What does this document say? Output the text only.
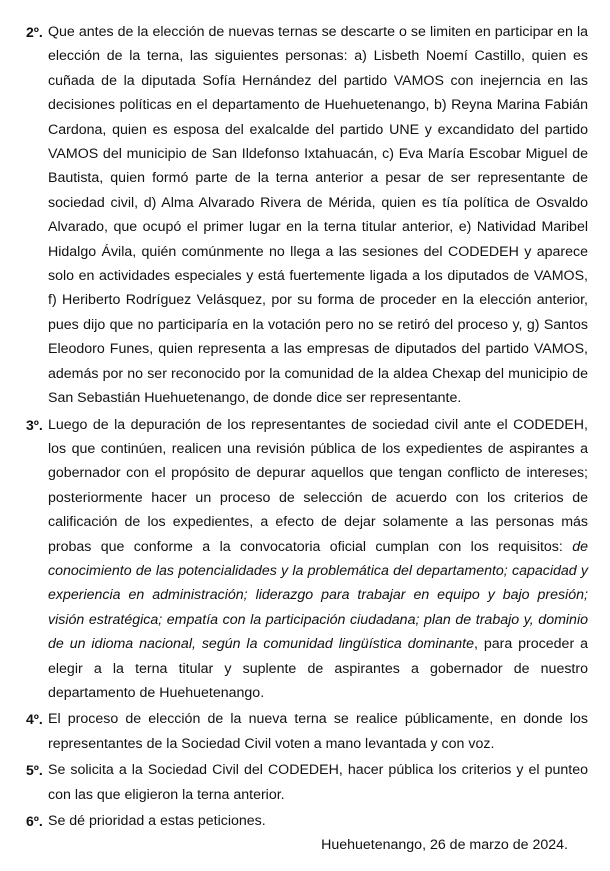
2º. Que antes de la elección de nuevas ternas se descarte o se limiten en participar en la elección de la terna, las siguientes personas: a) Lisbeth Noemí Castillo, quien es cuñada de la diputada Sofía Hernández del partido VAMOS con inejerncia en las decisiones políticas en el departamento de Huehuetenango, b) Reyna Marina Fabián Cardona, quien es esposa del exalcalde del partido UNE y excandidato del partido VAMOS del municipio de San Ildefonso Ixtahuacán, c) Eva María Escobar Miguel de Bautista, quien formó parte de la terna anterior a pesar de ser representante de sociedad civil, d) Alma Alvarado Rivera de Mérida, quien es tía política de Osvaldo Alvarado, que ocupó el primer lugar en la terna titular anterior, e) Natividad Maribel Hidalgo Ávila, quién comúnmente no llega a las sesiones del CODEDEH y aparece solo en actividades especiales y está fuertemente ligada a los diputados de VAMOS, f) Heriberto Rodríguez Velásquez, por su forma de proceder en la elección anterior, pues dijo que no participaría en la votación pero no se retiró del proceso y, g) Santos Eleodoro Funes, quien representa a las empresas de diputados del partido VAMOS, además por no ser reconocido por la comunidad de la aldea Chexap del municipio de San Sebastián Huehuetenango, de donde dice ser representante.
3º. Luego de la depuración de los representantes de sociedad civil ante el CODEDEH, los que continúen, realicen una revisión pública de los expedientes de aspirantes a gobernador con el propósito de depurar aquellos que tengan conflicto de intereses; posteriormente hacer un proceso de selección de acuerdo con los criterios de calificación de los expedientes, a efecto de dejar solamente a las personas más probas que conforme a la convocatoria oficial cumplan con los requisitos: de conocimiento de las potencialidades y la problemática del departamento; capacidad y experiencia en administración; liderazgo para trabajar en equipo y bajo presión; visión estratégica; empatía con la participación ciudadana; plan de trabajo y, dominio de un idioma nacional, según la comunidad lingüística dominante, para proceder a elegir a la terna titular y suplente de aspirantes a gobernador de nuestro departamento de Huehuetenango.
4º. El proceso de elección de la nueva terna se realice públicamente, en donde los representantes de la Sociedad Civil voten a mano levantada y con voz.
5º. Se solicita a la Sociedad Civil del CODEDEH, hacer pública los criterios y el punteo con las que eligieron la terna anterior.
6º. Se dé prioridad a estas peticiones.
Huehuetenango, 26 de marzo de 2024.
